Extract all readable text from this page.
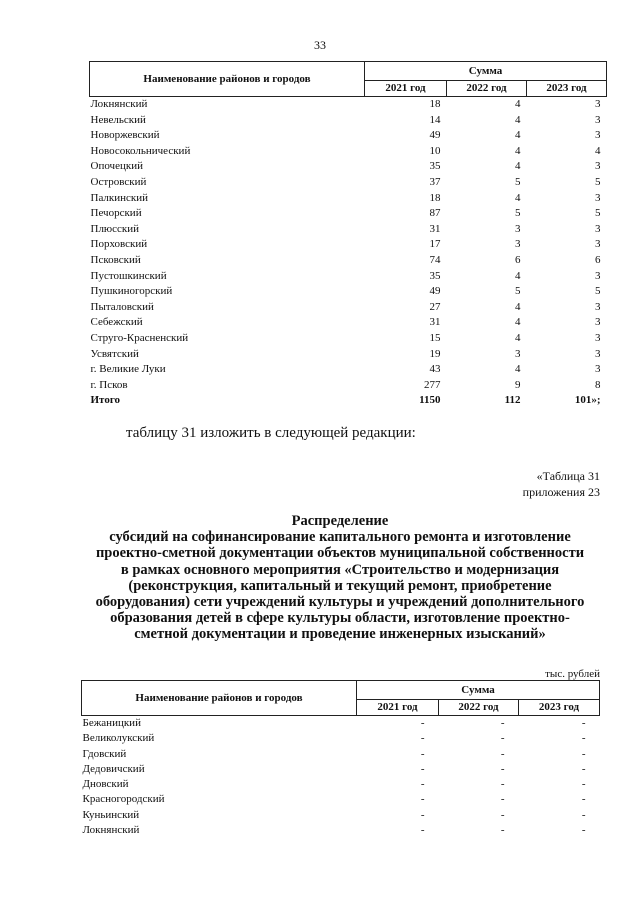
33
Наименование районов и городов	Сумма		
	2021 год	2022 год	2023 год
Локнянский	18	4	3
Невельский	14	4	3
Новоржевский	49	4	3
Новосокольнический	10	4	4
Опочецкий	35	4	3
Островский	37	5	5
Палкинский	18	4	3
Печорский	87	5	5
Плюсский	31	3	3
Порховский	17	3	3
Псковский	74	6	6
Пустошкинский	35	4	3
Пушкиногорский	49	5	5
Пыталовский	27	4	3
Себежский	31	4	3
Струго-Красненский	15	4	3
Усвятский	19	3	3
г. Великие Луки	43	4	3
г. Псков	277	9	8
Итого	1150	112	101»;
таблицу 31 изложить в следующей редакции:
«Таблица 31
приложения 23
Распределение
субсидий на софинансирование капитального ремонта и изготовление
проектно-сметной документации объектов муниципальной собственности
в рамках основного мероприятия «Строительство и модернизация
(реконструкция, капитальный и текущий ремонт, приобретение
оборудования) сети учреждений культуры и учреждений дополнительного
образования детей в сфере культуры области, изготовление проектно-
сметной документации и проведение инженерных изысканий»
тыс. рублей
Наименование районов и городов	Сумма		
	2021 год	2022 год	2023 год
Бежаницкий	-	-	-
Великолукский	-	-	-
Гдовский	-	-	-
Дедовичский	-	-	-
Дновский	-	-	-
Красногородский	-	-	-
Куньинский	-	-	-
Локнянский	-	-	-
